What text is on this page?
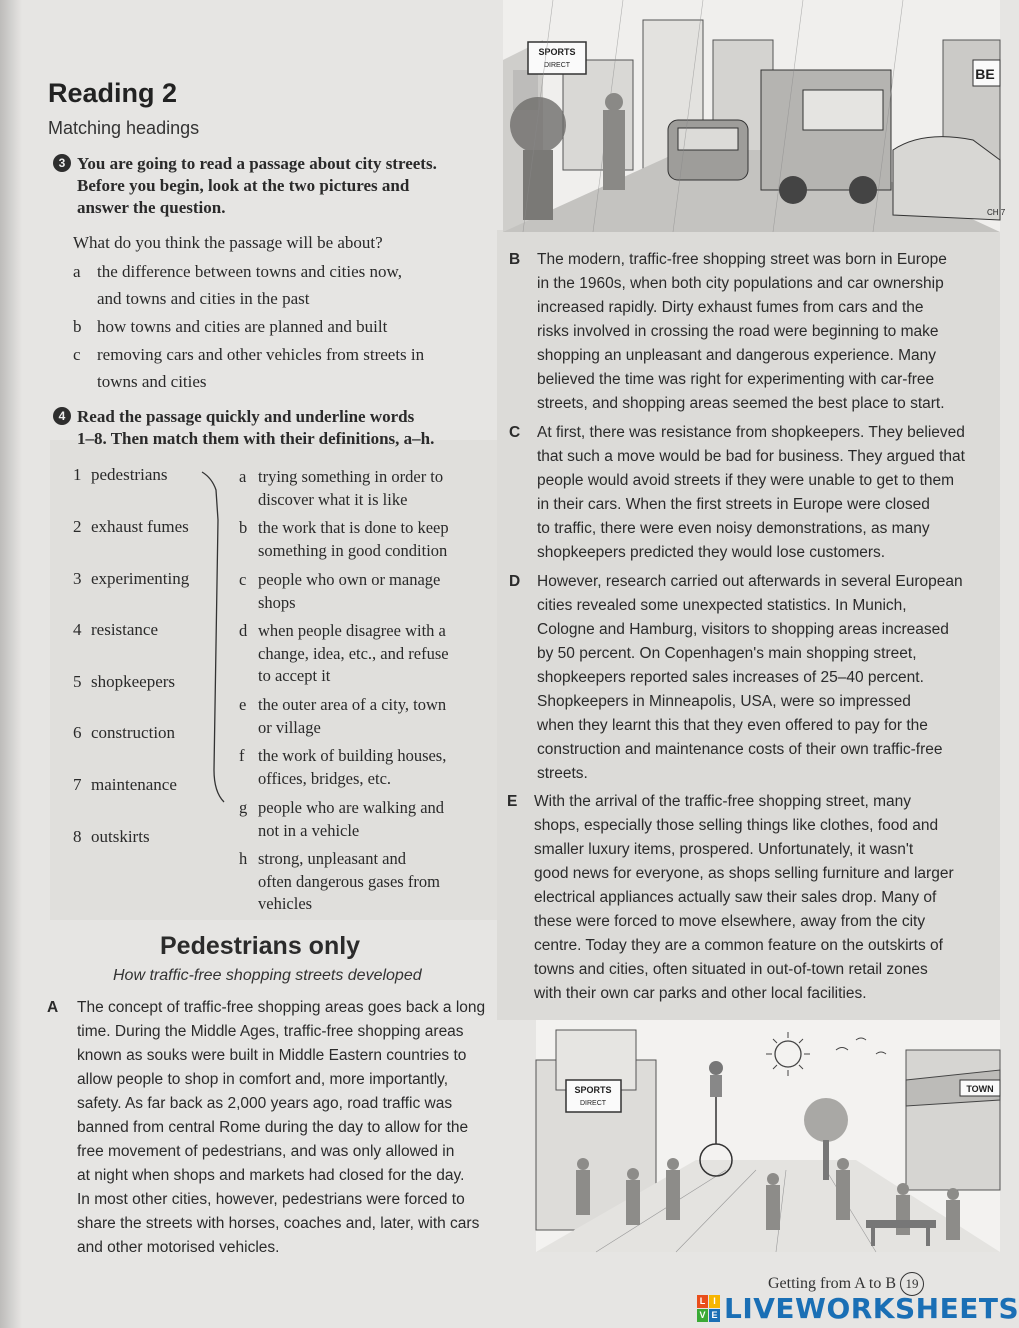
SPORTS
DIRECT
BE
CH 7
Reading 2
Matching headings
3 You are going to read a passage about city streets.
Before you begin, look at the two pictures and
answer the question.
What do you think the passage will be about?
a the difference between towns and cities now,
and towns and cities in the past
b how towns and cities are planned and built
c removing cars and other vehicles from streets in
towns and cities
4 Read the passage quickly and underline words
1–8. Then match them with their definitions, a–h.
1 pedestrians
2 exhaust fumes
3 experimenting
4 resistance
5 shopkeepers
6 construction
7 maintenance
8 outskirts
a trying something in order to
discover what it is like
b the work that is done to keep
something in good condition
c people who own or manage
shops
d when people disagree with a
change, idea, etc., and refuse
to accept it
e the outer area of a city, town
or village
f the work of building houses,
offices, bridges, etc.
g people who are walking and
not in a vehicle
h strong, unpleasant and
often dangerous gases from
vehicles
Pedestrians only
How traffic-free shopping streets developed
A The concept of traffic-free shopping areas goes back a long
time. During the Middle Ages, traffic-free shopping areas
known as souks were built in Middle Eastern countries to
allow people to shop in comfort and, more importantly,
safety. As far back as 2,000 years ago, road traffic was
banned from central Rome during the day to allow for the
free movement of pedestrians, and was only allowed in
at night when shops and markets had closed for the day.
In most other cities, however, pedestrians were forced to
share the streets with horses, coaches and, later, with cars
and other motorised vehicles.
B The modern, traffic-free shopping street was born in Europe
in the 1960s, when both city populations and car ownership
increased rapidly. Dirty exhaust fumes from cars and the
risks involved in crossing the road were beginning to make
shopping an unpleasant and dangerous experience. Many
believed the time was right for experimenting with car-free
streets, and shopping areas seemed the best place to start.
C At first, there was resistance from shopkeepers. They believed
that such a move would be bad for business. They argued that
people would avoid streets if they were unable to get to them
in their cars. When the first streets in Europe were closed
to traffic, there were even noisy demonstrations, as many
shopkeepers predicted they would lose customers.
D However, research carried out afterwards in several European
cities revealed some unexpected statistics. In Munich,
Cologne and Hamburg, visitors to shopping areas increased
by 50 percent. On Copenhagen's main shopping street,
shopkeepers reported sales increases of 25–40 percent.
Shopkeepers in Minneapolis, USA, were so impressed
when they learnt this that they even offered to pay for the
construction and maintenance costs of their own traffic-free
streets.
E With the arrival of the traffic-free shopping street, many
shops, especially those selling things like clothes, food and
smaller luxury items, prospered. Unfortunately, it wasn't
good news for everyone, as shops selling furniture and larger
electrical appliances actually saw their sales drop. Many of
these were forced to move elsewhere, away from the city
centre. Today they are a common feature on the outskirts of
towns and cities, often situated in out-of-town retail zones
with their own car parks and other local facilities.
SPORTS
DIRECT
TOWN
Getting from A to B 19
L I
V E LIVEWORKSHEETS
